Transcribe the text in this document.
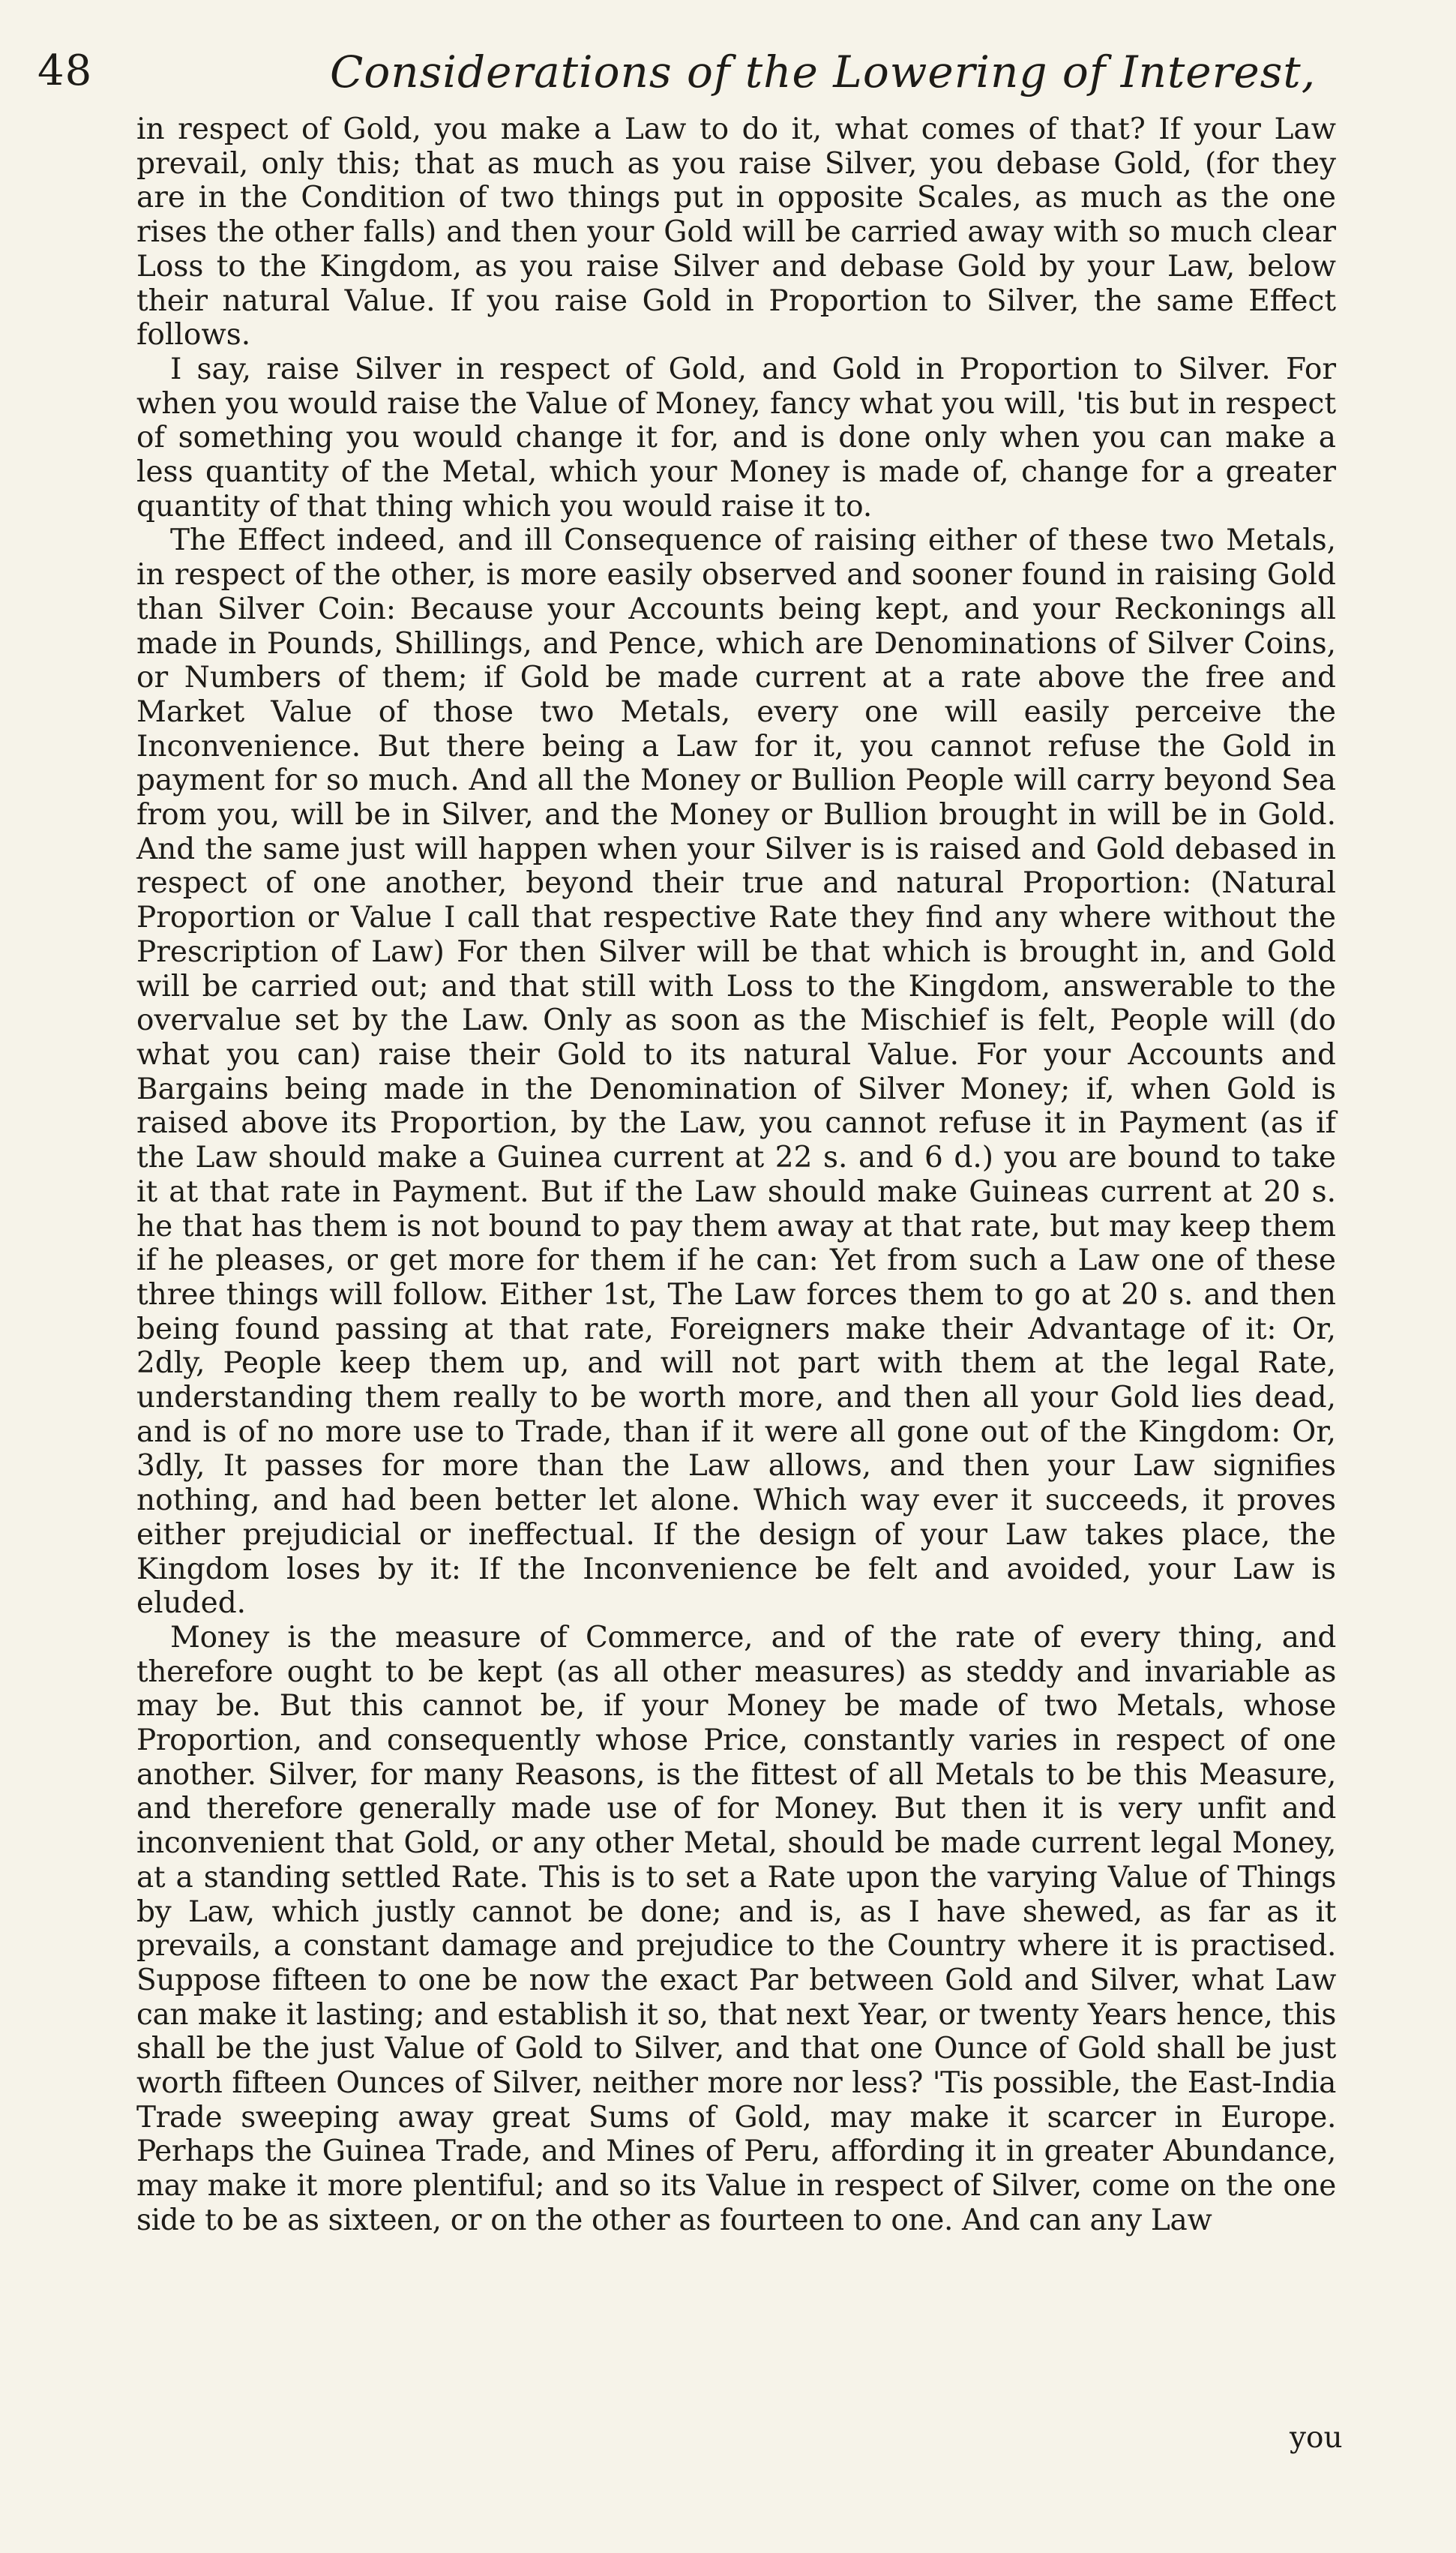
48	Considerations of the Lowering of Interest,

in respect of Gold, you make a Law to do it, what comes of that? If your Law prevail, only this; that as much as you raise Silver, you debase Gold, (for they are in the Condition of two things put in opposite Scales, as much as the one rises the other falls) and then your Gold will be carried away with so much clear Loss to the Kingdom, as you raise Silver and debase Gold by your Law, below their natural Value. If you raise Gold in Proportion to Silver, the same Effect follows.

I say, raise Silver in respect of Gold, and Gold in Proportion to Silver. For when you would raise the Value of Money, fancy what you will, 'tis but in respect of something you would change it for, and is done only when you can make a less quantity of the Metal, which your Money is made of, change for a greater quantity of that thing which you would raise it to.

The Effect indeed, and ill Consequence of raising either of these two Metals, in respect of the other, is more easily observed and sooner found in raising Gold than Silver Coin: Because your Accounts being kept, and your Reckonings all made in Pounds, Shillings, and Pence, which are Denominations of Silver Coins, or Numbers of them; if Gold be made current at a rate above the free and Market Value of those two Metals, every one will easily perceive the Inconvenience. But there being a Law for it, you cannot refuse the Gold in payment for so much. And all the Money or Bullion People will carry beyond Sea from you, will be in Silver, and the Money or Bullion brought in will be in Gold. And the same just will happen when your Silver is is raised and Gold debased in respect of one another, beyond their true and natural Proportion: (Natural Proportion or Value I call that respective Rate they find any where without the Prescription of Law) For then Silver will be that which is brought in, and Gold will be carried out; and that still with Loss to the Kingdom, answerable to the overvalue set by the Law. Only as soon as the Mischief is felt, People will (do what you can) raise their Gold to its natural Value. For your Accounts and Bargains being made in the Denomination of Silver Money; if, when Gold is raised above its Proportion, by the Law, you cannot refuse it in Payment (as if the Law should make a Guinea current at 22 s. and 6 d.) you are bound to take it at that rate in Payment. But if the Law should make Guineas current at 20 s. he that has them is not bound to pay them away at that rate, but may keep them if he pleases, or get more for them if he can: Yet from such a Law one of these three things will follow. Either 1st, The Law forces them to go at 20 s. and then being found passing at that rate, Foreigners make their Advantage of it: Or, 2dly, People keep them up, and will not part with them at the legal Rate, understanding them really to be worth more, and then all your Gold lies dead, and is of no more use to Trade, than if it were all gone out of the Kingdom: Or, 3dly, It passes for more than the Law allows, and then your Law signifies nothing, and had been better let alone. Which way ever it succeeds, it proves either prejudicial or ineffectual. If the design of your Law takes place, the Kingdom loses by it: If the Inconvenience be felt and avoided, your Law is eluded.

Money is the measure of Commerce, and of the rate of every thing, and therefore ought to be kept (as all other measures) as steddy and invariable as may be. But this cannot be, if your Money be made of two Metals, whose Proportion, and consequently whose Price, constantly varies in respect of one another. Silver, for many Reasons, is the fittest of all Metals to be this Measure, and therefore generally made use of for Money. But then it is very unfit and inconvenient that Gold, or any other Metal, should be made current legal Money, at a standing settled Rate. This is to set a Rate upon the varying Value of Things by Law, which justly cannot be done; and is, as I have shewed, as far as it prevails, a constant damage and prejudice to the Country where it is practised. Suppose fifteen to one be now the exact Par between Gold and Silver, what Law can make it lasting; and establish it so, that next Year, or twenty Years hence, this shall be the just Value of Gold to Silver, and that one Ounce of Gold shall be just worth fifteen Ounces of Silver, neither more nor less? 'Tis possible, the East-India Trade sweeping away great Sums of Gold, may make it scarcer in Europe. Perhaps the Guinea Trade, and Mines of Peru, affording it in greater Abundance, may make it more plentiful; and so its Value in respect of Silver, come on the one side to be as sixteen, or on the other as fourteen to one. And can any Law

you
